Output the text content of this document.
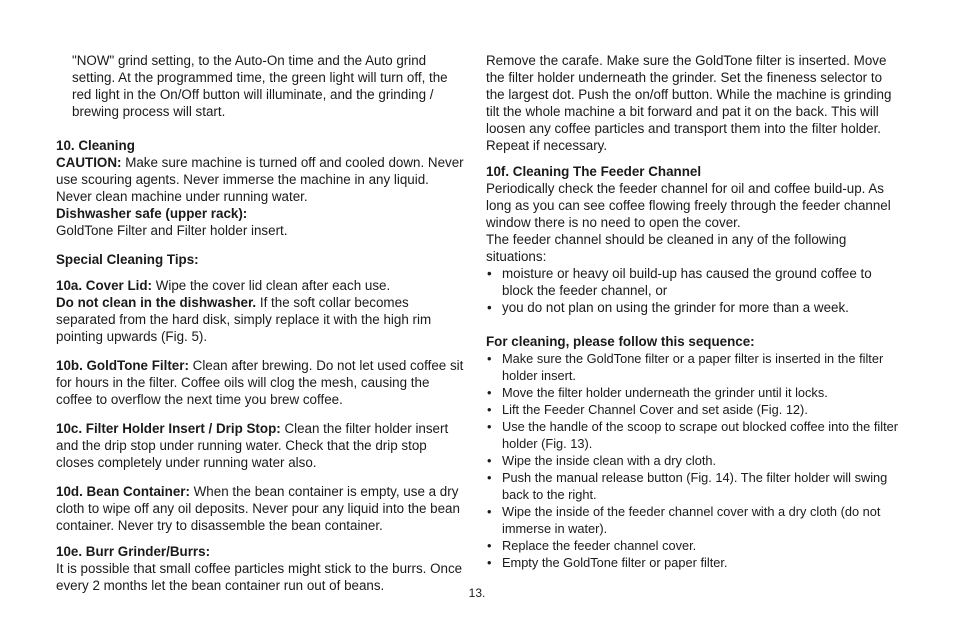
"NOW" grind setting, to the Auto-On time and the Auto grind setting. At the programmed time, the green light will turn off, the red light in the On/Off button will illuminate, and the grinding / brewing process will start.

10. Cleaning

CAUTION: Make sure machine is turned off and cooled down. Never use scouring agents. Never immerse the machine in any liquid. Never clean machine under running water.

Dishwasher safe (upper rack):

GoldTone Filter and Filter holder insert.

Special Cleaning Tips:

10a. Cover Lid: Wipe the cover lid clean after each use.

Do not clean in the dishwasher. If the soft collar becomes separated from the hard disk, simply replace it with the high rim pointing upwards (Fig. 5).

10b. GoldTone Filter: Clean after brewing. Do not let used coffee sit for hours in the filter. Coffee oils will clog the mesh, causing the coffee to overflow the next time you brew coffee.

10c. Filter Holder Insert / Drip Stop: Clean the filter holder insert and the drip stop under running water. Check that the drip stop closes completely under running water also.

10d. Bean Container: When the bean container is empty, use a dry cloth to wipe off any oil deposits. Never pour any liquid into the bean container. Never try to disassemble the bean container.

10e. Burr Grinder/Burrs:

It is possible that small coffee particles might stick to the burrs. Once every 2 months let the bean container run out of beans.

Remove the carafe. Make sure the GoldTone filter is inserted. Move the filter holder underneath the grinder. Set the fineness selector to the largest dot. Push the on/off button. While the machine is grinding tilt the whole machine a bit forward and pat it on the back. This will loosen any coffee particles and transport them into the filter holder. Repeat if necessary.

10f. Cleaning The Feeder Channel

Periodically check the feeder channel for oil and coffee build-up. As long as you can see coffee flowing freely through the feeder channel window there is no need to open the cover.

The feeder channel should be cleaned in any of the following situations:

• moisture or heavy oil build-up has caused the ground coffee to block the feeder channel, or
• you do not plan on using the grinder for more than a week.

For cleaning, please follow this sequence:

• Make sure the GoldTone filter or a paper filter is inserted in the filter holder insert.
• Move the filter holder underneath the grinder until it locks.
• Lift the Feeder Channel Cover and set aside (Fig. 12).
• Use the handle of the scoop to scrape out blocked coffee into the filter holder (Fig. 13).
• Wipe the inside clean with a dry cloth.
• Push the manual release button (Fig. 14). The filter holder will swing back to the right.
• Wipe the inside of the feeder channel cover with a dry cloth (do not immerse in water).
• Replace the feeder channel cover.
• Empty the GoldTone filter or paper filter.
13.
